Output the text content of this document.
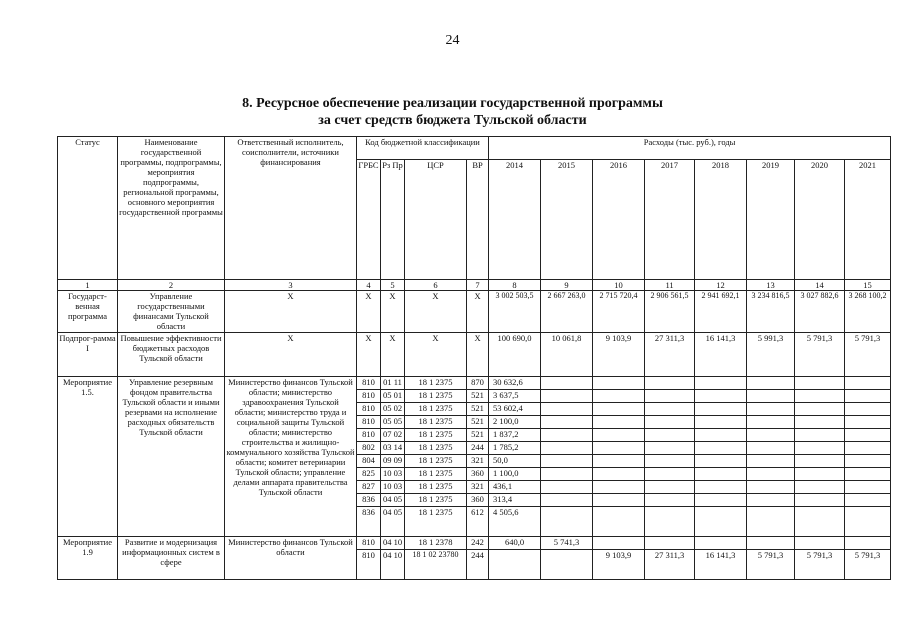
24
8. Ресурсное обеспечение реализации государственной программы
за счет средств бюджета Тульской области
Статус	Наименование государственной программы, подпрограммы, мероприятия подпрограммы, региональной программы, основного мероприятия государственной программы	Ответственный исполнитель, соисполнители, источники финансирования	Код бюджетной классификации				Расходы (тыс. руб.), годы							
			ГРБС	Рз Пр	ЦСР	ВР	2014	2015	2016	2017	2018	2019	2020	2021
1	2	3	4	5	6	7	8	9	10	11	12	13	14	15
Государст-венная программа	Управление государственными финансами Тульской области	X	X	X	X	X	3 002 503,5	2 667 263,0	2 715 720,4	2 906 561,5	2 941 692,1	3 234 816,5	3 027 882,6	3 268 100,2
Подпрог-рамма I	Повышение эффективности бюджетных расходов Тульской области	X	X	X	X	X	100 690,0	10 061,8	9 103,9	27 311,3	16 141,3	5 991,3	5 791,3	5 791,3
Мероприятие 1.5.	Управление резервным фондом правительства Тульской области и иными резервами на исполнение расходных обязательств Тульской области	Министерство финансов Тульской области; министерство здравоохранения Тульской области; министерство труда и социальной защиты Тульской области; министерство строительства и жилищно-коммунального хозяйства Тульской области; комитет ветеринарии Тульской области; управление делами аппарата правительства Тульской области	810	01 11	18 1 2375	870	30 632,6							
			810	05 01	18 1 2375	521	3 637,5							
			810	05 02	18 1 2375	521	53 602,4							
			810	05 05	18 1 2375	521	2 100,0							
			810	07 02	18 1 2375	521	1 837,2							
			802	03 14	18 1 2375	244	1 785,2							
			804	09 09	18 1 2375	321	50,0							
			825	10 03	18 1 2375	360	1 100,0							
			827	10 03	18 1 2375	321	436,1							
			836	04 05	18 1 2375	360	313,4							
			836	04 05	18 1 2375	612	4 505,6							
Мероприятие 1.9	Развитие и модернизация информационных систем в сфере	Министерство финансов Тульской области	810	04 10	18 1 2378	242	640,0	5 741,3						
			810	04 10	18 1 02 23780	244			9 103,9	27 311,3	16 141,3	5 791,3	5 791,3	5 791,3
